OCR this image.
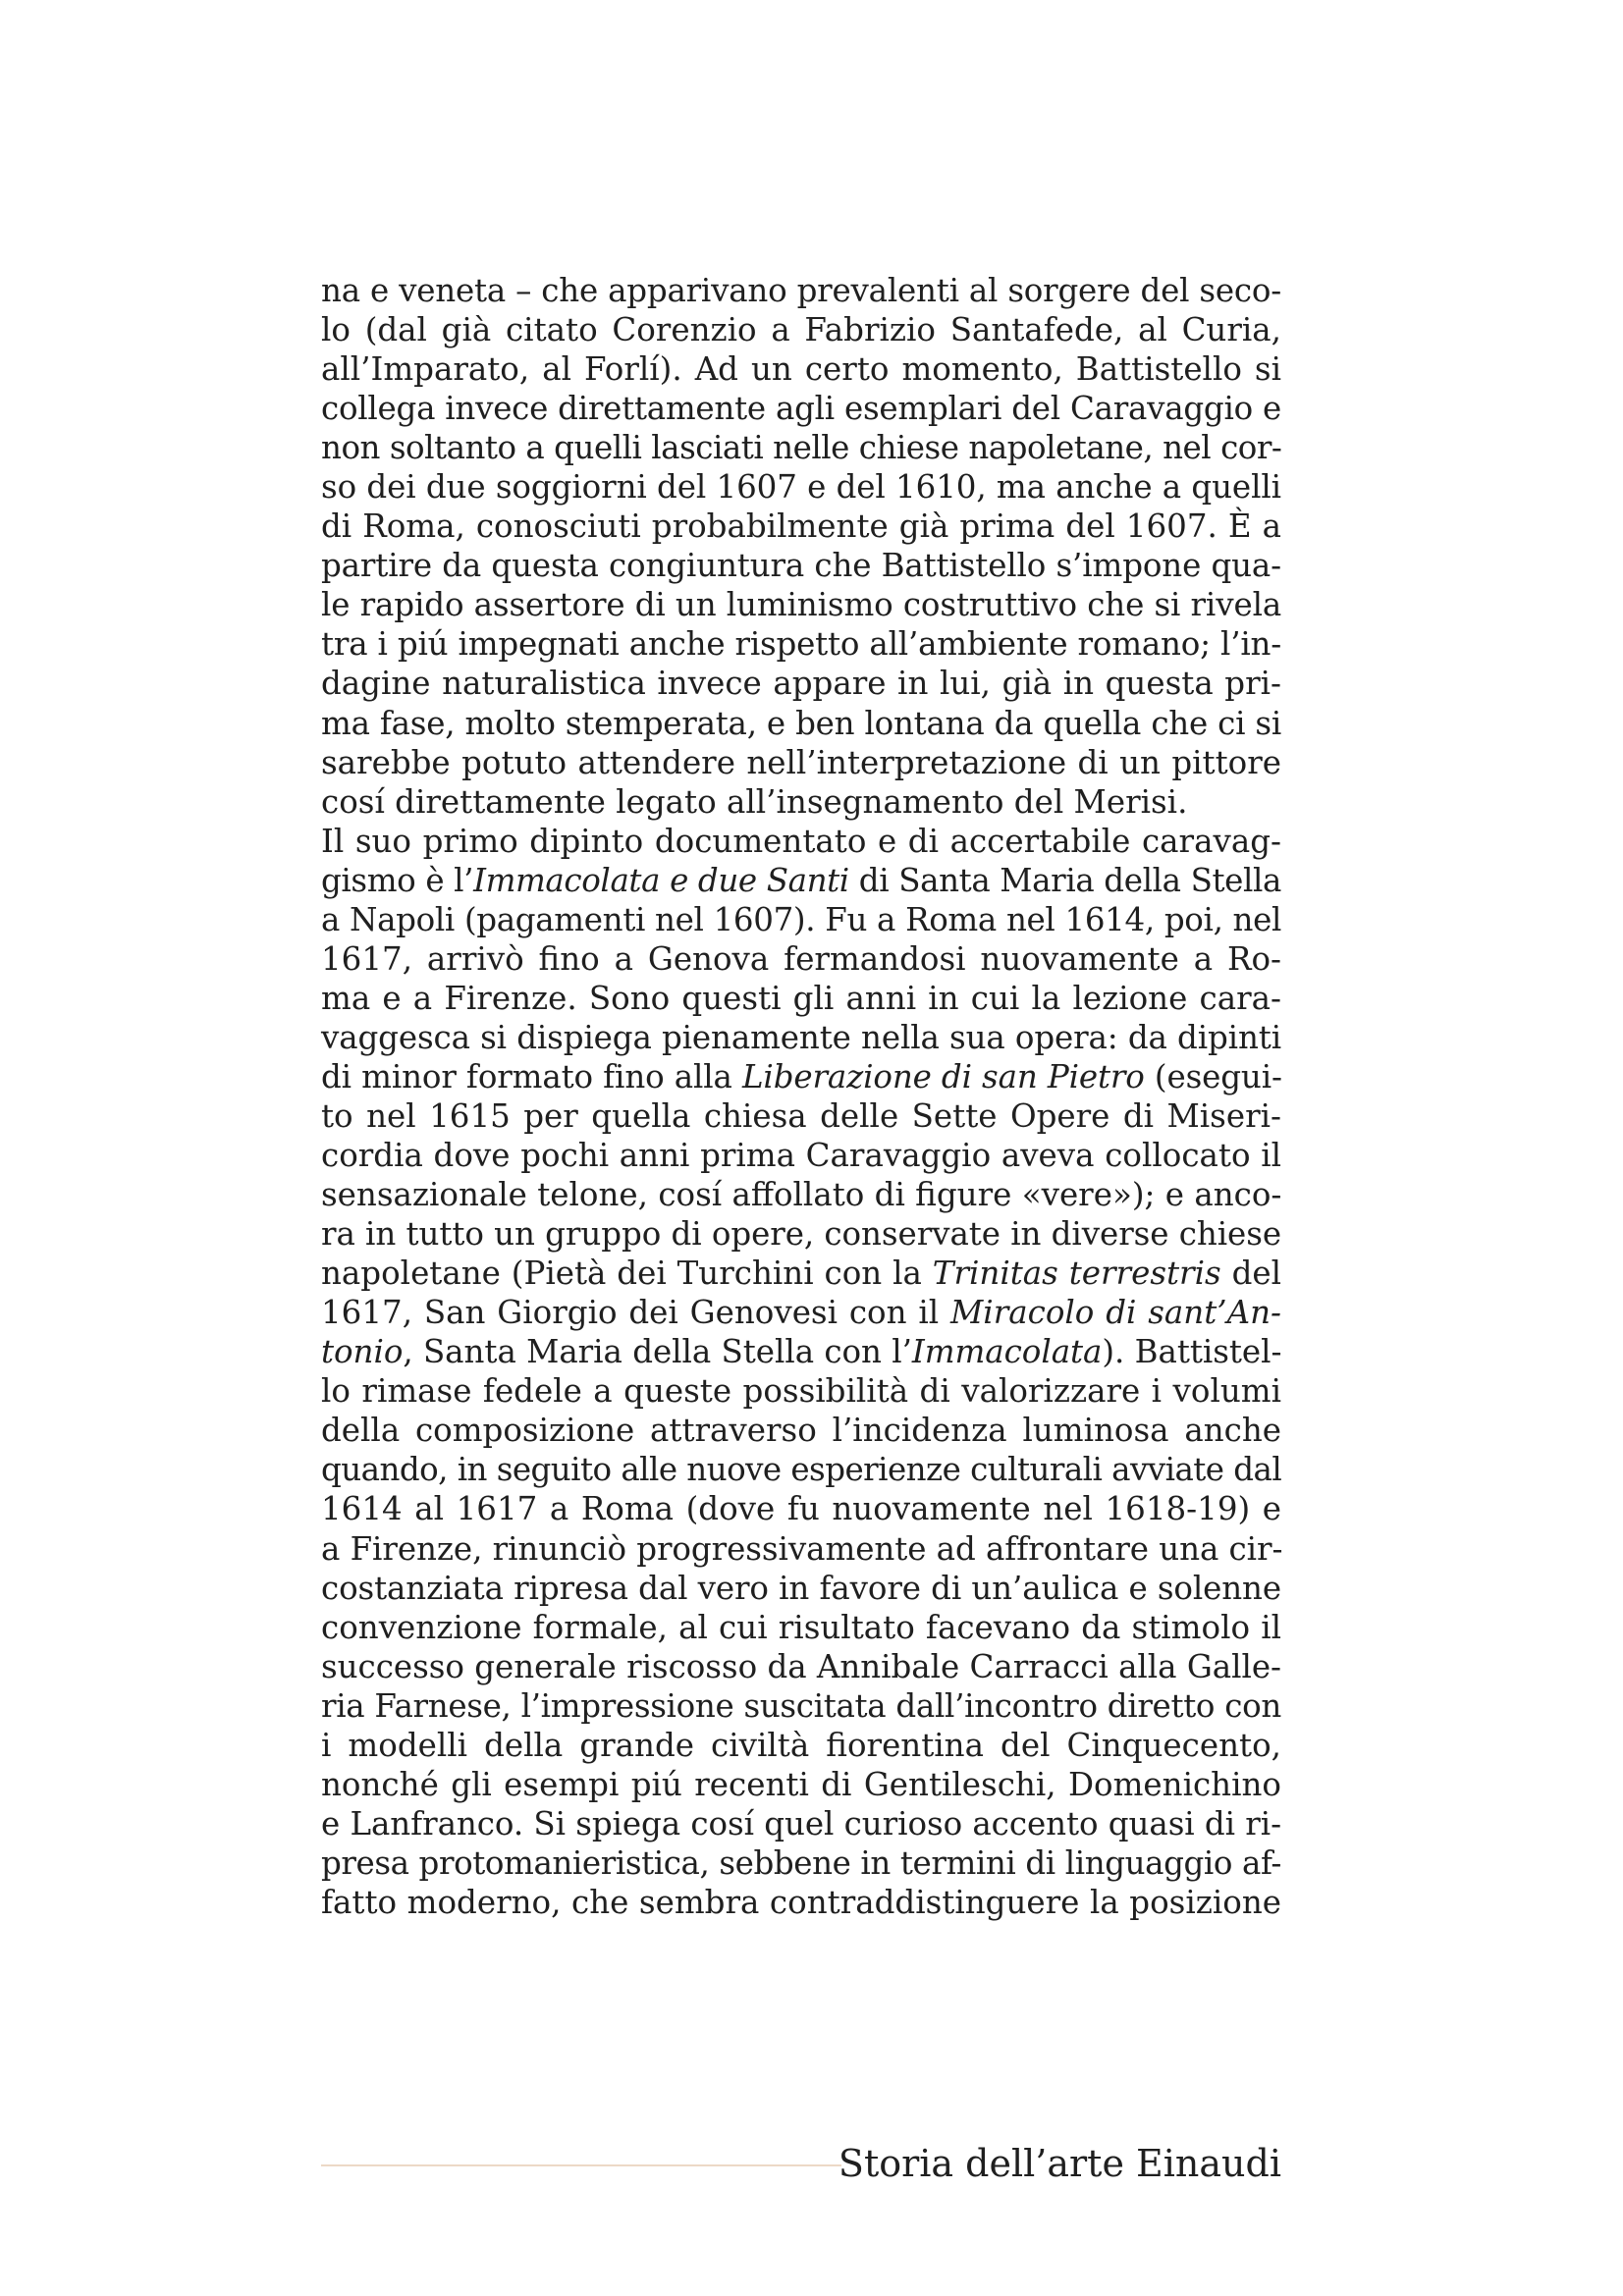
na e veneta – che apparivano prevalenti al sorgere del seco-
lo (dal già citato Corenzio a Fabrizio Santafede, al Curia,
all’Imparato, al Forlí). Ad un certo momento, Battistello si
collega invece direttamente agli esemplari del Caravaggio e
non soltanto a quelli lasciati nelle chiese napoletane, nel cor-
so dei due soggiorni del 1607 e del 1610, ma anche a quelli
di Roma, conosciuti probabilmente già prima del 1607. È a
partire da questa congiuntura che Battistello s’impone qua-
le rapido assertore di un luminismo costruttivo che si rivela
tra i piú impegnati anche rispetto all’ambiente romano; l’in-
dagine naturalistica invece appare in lui, già in questa pri-
ma fase, molto stemperata, e ben lontana da quella che ci si
sarebbe potuto attendere nell’interpretazione di un pittore
cosí direttamente legato all’insegnamento del Merisi.
Il suo primo dipinto documentato e di accertabile caravag-
gismo è l’Immacolata e due Santi di Santa Maria della Stella
a Napoli (pagamenti nel 1607). Fu a Roma nel 1614, poi, nel
1617, arrivò fino a Genova fermandosi nuovamente a Ro-
ma e a Firenze. Sono questi gli anni in cui la lezione cara-
vaggesca si dispiega pienamente nella sua opera: da dipinti
di minor formato fino alla Liberazione di san Pietro (esegui-
to nel 1615 per quella chiesa delle Sette Opere di Miseri-
cordia dove pochi anni prima Caravaggio aveva collocato il
sensazionale telone, cosí affollato di figure «vere»); e anco-
ra in tutto un gruppo di opere, conservate in diverse chiese
napoletane (Pietà dei Turchini con la Trinitas terrestris del
1617, San Giorgio dei Genovesi con il Miracolo di sant’An-
tonio, Santa Maria della Stella con l’Immacolata). Battistel-
lo rimase fedele a queste possibilità di valorizzare i volumi
della composizione attraverso l’incidenza luminosa anche
quando, in seguito alle nuove esperienze culturali avviate dal
1614 al 1617 a Roma (dove fu nuovamente nel 1618-19) e
a Firenze, rinunciò progressivamente ad affrontare una cir-
costanziata ripresa dal vero in favore di un’aulica e solenne
convenzione formale, al cui risultato facevano da stimolo il
successo generale riscosso da Annibale Carracci alla Galle-
ria Farnese, l’impressione suscitata dall’incontro diretto con
i modelli della grande civiltà fiorentina del Cinquecento,
nonché gli esempi piú recenti di Gentileschi, Domenichino
e Lanfranco. Si spiega cosí quel curioso accento quasi di ri-
presa protomanieristica, sebbene in termini di linguaggio af-
fatto moderno, che sembra contraddistinguere la posizione
Storia dell’arte Einaudi
